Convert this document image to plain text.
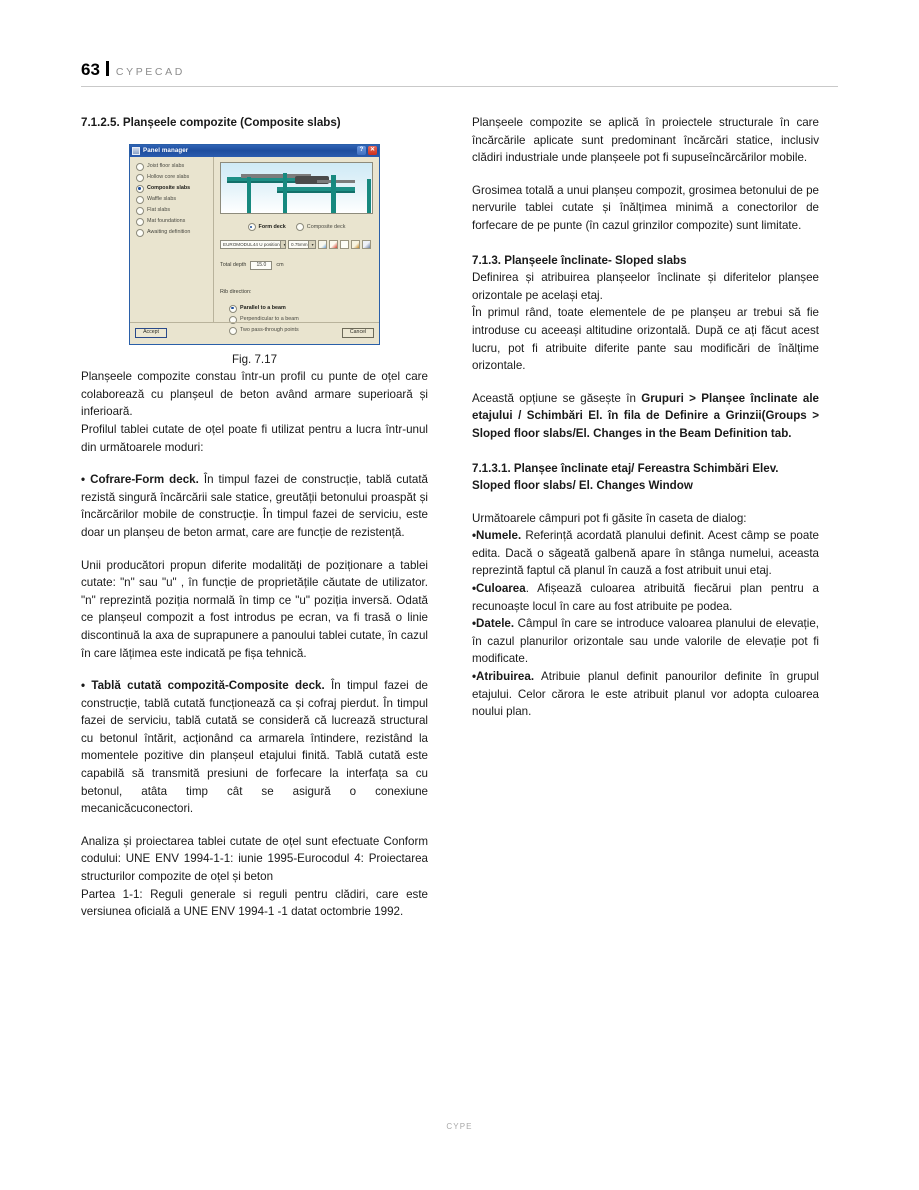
63 CYPECAD
7.1.2.5. Planșeele compozite (Composite slabs)
Panel manager	?	✕
Joist floor slabs
Hollow core slabs
Composite slabs
Waffle slabs
Flat slabs
Mat foundations
Awaiting definition
Form deck	Composite deck
EUROMODUL44 U position ▾	0.75mm ▾
Total depth	15.0	cm
Rib direction:
Parallel to a beam
Perpendicular to a beam
Two pass-through points
Accept	Cancel
Fig. 7.17

Planșeele compozite constau într-un profil cu punte de oțel care colaborează cu planșeul de beton având armare superioară și inferioară.

Profilul tablei cutate de oțel poate fi utilizat pentru a lucra într-unul din următoarele moduri:

• Cofrare-Form deck. În timpul fazei de construcție, tablă cutată rezistă singură încărcării sale statice, greutății betonului proaspăt și încărcărilor mobile de construcție. În timpul fazei de serviciu, este doar un planșeu de beton armat, care are funcție de rezistență.

Unii producători propun diferite modalități de poziționare a tablei cutate: "n" sau "u" , în funcție de proprietățile căutate de utilizator. "n" reprezintă poziția normală în timp ce "u" poziția inversă. Odată ce planșeul compozit a fost introdus pe ecran, va fi trasă o linie discontinuă la axa de suprapunere a panoului tablei cutate, în cazul în care lățimea este indicată pe fișa tehnică.

• Tablă cutată compozită-Composite deck. În timpul fazei de construcție, tablă cutată funcționează ca și cofraj pierdut. În timpul fazei de serviciu, tablă cutată se consideră că lucrează structural cu betonul întărit, acționând ca armarela întindere, rezistând la momentele pozitive din planșeul etajului finită. Tablă cutată este capabilă să transmită presiuni de forfecare la interfața sa cu betonul, atâta timp cât se asigură o conexiune mecanicăcuconectori.

Analiza și proiectarea tablei cutate de oțel sunt efectuate Conform codului: UNE ENV 1994-1-1: iunie 1995-Eurocodul 4: Proiectarea structurilor compozite de oțel și beton

Partea 1-1: Reguli generale si reguli pentru clădiri, care este versiunea oficială a UNE ENV 1994-1 -1 datat octombrie 1992.

Planșeele compozite se aplică în proiectele structurale în care încărcările aplicate sunt predominant încărcări statice, inclusiv clădiri industriale unde planșeele pot fi supuseîncărcărilor mobile.

Grosimea totală a unui planșeu compozit, grosimea betonului de pe nervurile tablei cutate și înălțimea minimă a conectorilor de forfecare de pe punte (în cazul grinzilor compozite) sunt limitate.

7.1.3. Planșeele înclinate- Sloped slabs

Definirea și atribuirea planșeelor înclinate și diferitelor planșee orizontale pe același etaj.

În primul rând, toate elementele de pe planșeu ar trebui să fie introduse cu aceeași altitudine orizontală. După ce ați făcut acest lucru, pot fi atribuite diferite pante sau modificări de înălțime orizontale.

Această opțiune se găsește în Grupuri > Planșee înclinate ale etajului / Schimbări El. în fila de Definire a Grinzii(Groups > Sloped floor slabs/El. Changes in the Beam Definition tab.

7.1.3.1. Planșee înclinate etaj/ Fereastra Schimbări Elev.
Sloped floor slabs/ El. Changes Window

Următoarele câmpuri pot fi găsite în caseta de dialog:

•Numele. Referință acordată planului definit. Acest câmp se poate edita. Dacă o săgeată galbenă apare în stânga numelui, aceasta reprezintă faptul că planul în cauză a fost atribuit unui etaj.

•Culoarea. Afișează culoarea atribuită fiecărui plan pentru a recunoaște locul în care au fost atribuite pe podea.

•Datele. Câmpul în care se introduce valoarea planului de elevație, în cazul planurilor orizontale sau unde valorile de elevație pot fi modificate.

•Atribuirea. Atribuie planul definit panourilor definite în grupul etajului. Celor cărora le este atribuit planul vor adopta culoarea noului plan.

CYPE
